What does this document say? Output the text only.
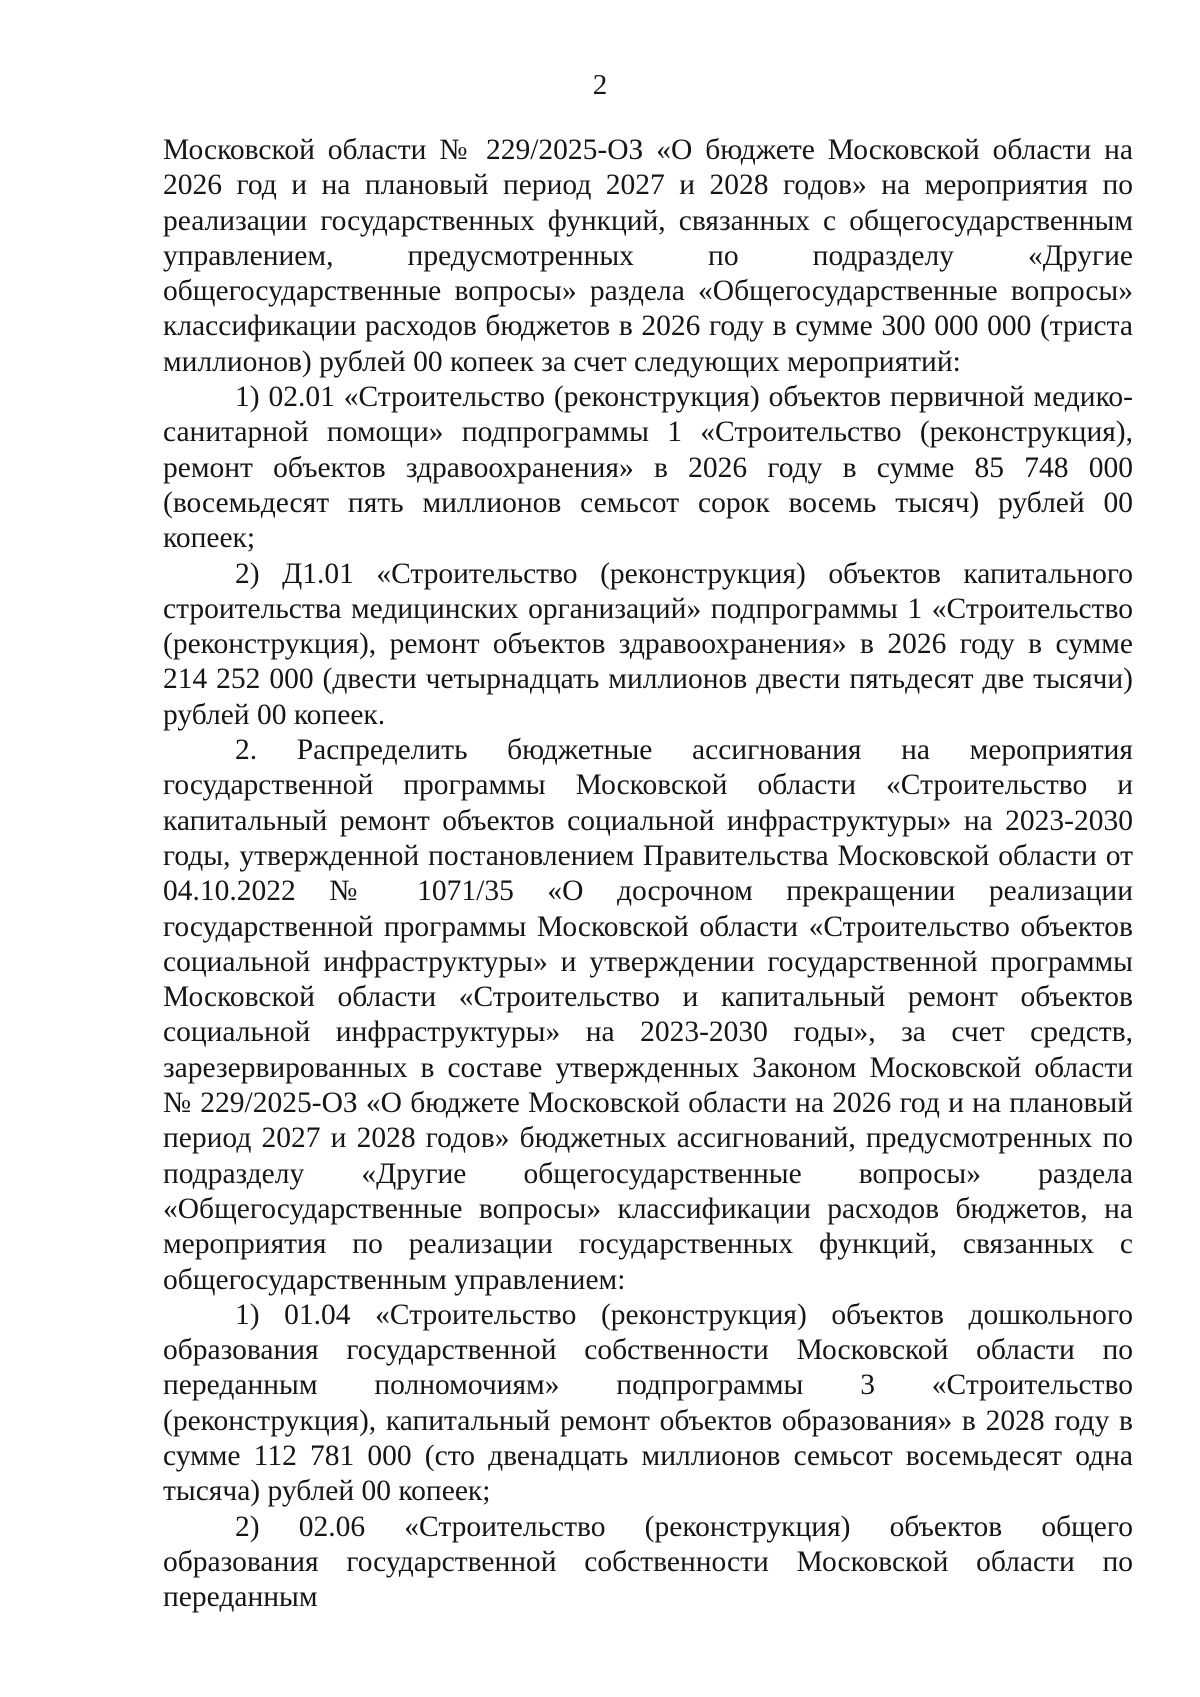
2

Московской области № 229/2025-ОЗ «О бюджете Московской области на 2026 год и на плановый период 2027 и 2028 годов» на мероприятия по реализации государственных функций, связанных с общегосударственным управлением, предусмотренных по подразделу «Другие общегосударственные вопросы» раздела «Общегосударственные вопросы» классификации расходов бюджетов в 2026 году в сумме 300 000 000 (триста миллионов) рублей 00 копеек за счет следующих мероприятий:

1) 02.01 «Строительство (реконструкция) объектов первичной медико-санитарной помощи» подпрограммы 1 «Строительство (реконструкция), ремонт объектов здравоохранения» в 2026 году в сумме 85 748 000 (восемьдесят пять миллионов семьсот сорок восемь тысяч) рублей 00 копеек;

2) Д1.01 «Строительство (реконструкция) объектов капитального строительства медицинских организаций» подпрограммы 1 «Строительство (реконструкция), ремонт объектов здравоохранения» в 2026 году в сумме 214 252 000 (двести четырнадцать миллионов двести пятьдесят две тысячи) рублей 00 копеек.

2. Распределить бюджетные ассигнования на мероприятия государственной программы Московской области «Строительство и капитальный ремонт объектов социальной инфраструктуры» на 2023-2030 годы, утвержденной постановлением Правительства Московской области от 04.10.2022 № 1071/35 «О досрочном прекращении реализации государственной программы Московской области «Строительство объектов социальной инфраструктуры» и утверждении государственной программы Московской области «Строительство и капитальный ремонт объектов социальной инфраструктуры» на 2023-2030 годы», за счет средств, зарезервированных в составе утвержденных Законом Московской области № 229/2025-ОЗ «О бюджете Московской области на 2026 год и на плановый период 2027 и 2028 годов» бюджетных ассигнований, предусмотренных по подразделу «Другие общегосударственные вопросы» раздела «Общегосударственные вопросы» классификации расходов бюджетов, на мероприятия по реализации государственных функций, связанных с общегосударственным управлением:

1) 01.04 «Строительство (реконструкция) объектов дошкольного образования государственной собственности Московской области по переданным полномочиям» подпрограммы 3 «Строительство (реконструкция), капитальный ремонт объектов образования» в 2028 году в сумме 112 781 000 (сто двенадцать миллионов семьсот восемьдесят одна тысяча) рублей 00 копеек;

2) 02.06 «Строительство (реконструкция) объектов общего образования государственной собственности Московской области по переданным
